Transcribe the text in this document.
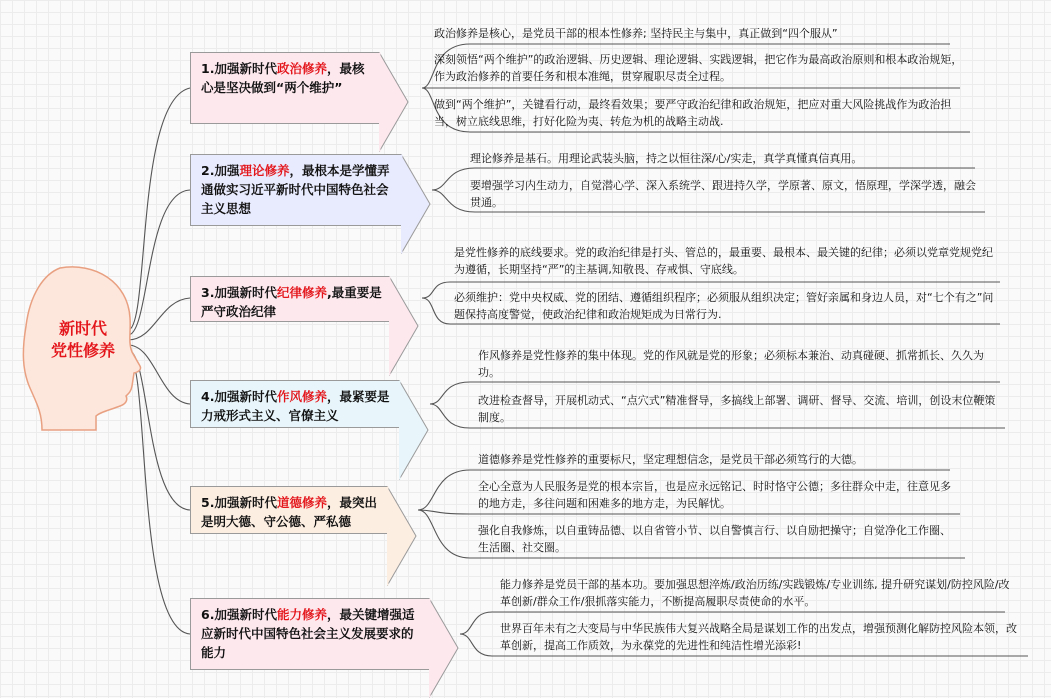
新时代
党性修养
1.加强新时代政治修养，最核心是坚决做到“两个维护”
2.加强理论修养，最根本是学懂弄通做实习近平新时代中国特色社会主义思想
3.加强新时代纪律修养,最重要是严守政治纪律
4.加强新时代作风修养，最紧要是力戒形式主义、官僚主义
5.加强新时代道德修养，最突出是明大德、守公德、严私德
6.加强新时代能力修养，最关键增强适应新时代中国特色社会主义发展要求的能力
政治修养是核心，是党员干部的根本性修养; 坚持民主与集中，真正做到“四个服从”
深刻领悟“两个维护”的政治逻辑、历史逻辑、理论逻辑、实践逻辑，把它作为最高政治原则和根本政治规矩，作为政治修养的首要任务和根本准绳，贯穿履职尽责全过程。
做到“两个维护”，关键看行动，最终看效果；要严守政治纪律和政治规矩，把应对重大风险挑战作为政治担当，树立底线思维，打好化险为夷、转危为机的战略主动战.
理论修养是基石。用理论武装头脑，持之以恒往深/心/实走，真学真懂真信真用。
要增强学习内生动力，自觉潜心学、深入系统学、跟进持久学，学原著、原文，悟原理，学深学透，融会贯通。
是党性修养的底线要求。党的政治纪律是打头、管总的，最重要、最根本、最关键的纪律；必须以党章党规党纪为遵循，长期坚持“严”的主基调,知敬畏、存戒惧、守底线。
必须维护：党中央权威、党的团结、遵循组织程序；必须服从组织决定；管好亲属和身边人员，对“七个有之”问题保持高度警觉，使政治纪律和政治规矩成为日常行为.
作风修养是党性修养的集中体现。党的作风就是党的形象；必须标本兼治、动真碰硬、抓常抓长、久久为功。
改进检查督导，开展机动式、“点穴式”精准督导，多搞线上部署、调研、督导、交流、培训，创设末位鞭策制度。
道德修养是党性修养的重要标尺，坚定理想信念，是党员干部必须笃行的大德。
全心全意为人民服务是党的根本宗旨，也是应永远铭记、时时恪守公德；多往群众中走，往意见多的地方走，多往问题和困难多的地方走，为民解忧。
强化自我修炼，以自重铸品德、以自省管小节、以自警慎言行、以自励把操守；自觉净化工作圈、生活圈、社交圈。
能力修养是党员干部的基本功。要加强思想淬炼/政治历练/实践锻炼/专业训练, 提升研究谋划/防控风险/改革创新/群众工作/狠抓落实能力，不断提高履职尽责使命的水平。
世界百年未有之大变局与中华民族伟大复兴战略全局是谋划工作的出发点，增强预测化解防控风险本领，改革创新，提高工作质效，为永葆党的先进性和纯洁性增光添彩!
